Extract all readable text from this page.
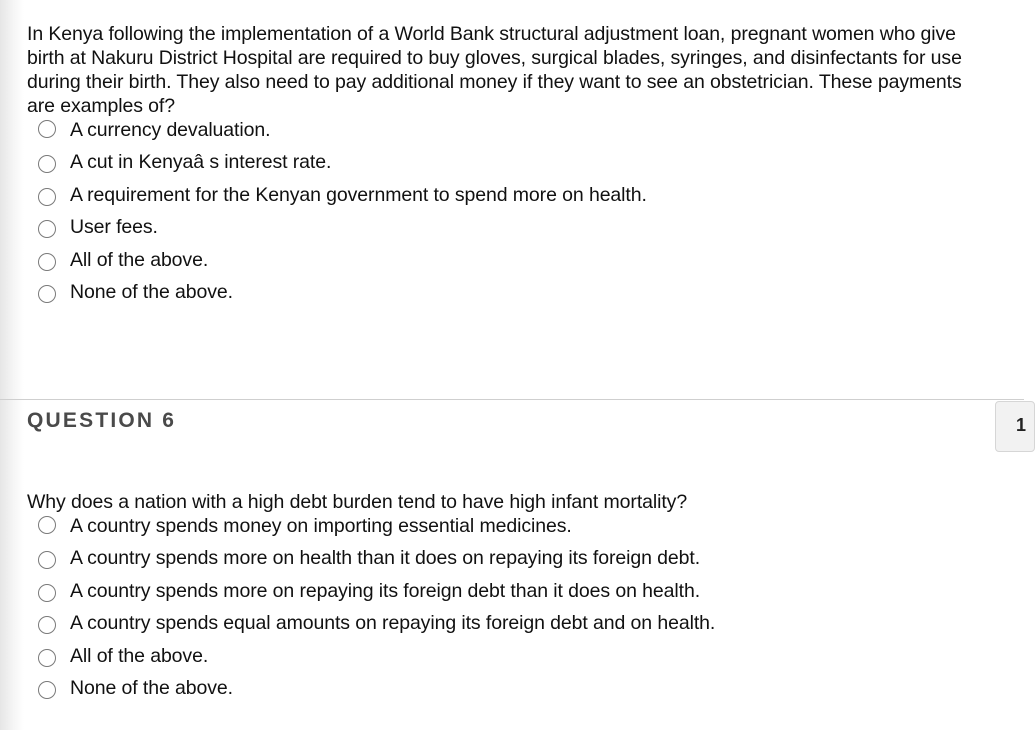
In Kenya following the implementation of a World Bank structural adjustment loan, pregnant women who give birth at Nakuru District Hospital are required to buy gloves, surgical blades, syringes, and disinfectants for use during their birth. They also need to pay additional money if they want to see an obstetrician. These payments are examples of?

A currency devaluation.
A cut in Kenyaâ s interest rate.
A requirement for the Kenyan government to spend more on health.
User fees.
All of the above.
None of the above.
QUESTION 6	1

Why does a nation with a high debt burden tend to have high infant mortality?

A country spends money on importing essential medicines.
A country spends more on health than it does on repaying its foreign debt.
A country spends more on repaying its foreign debt than it does on health.
A country spends equal amounts on repaying its foreign debt and on health.
All of the above.
None of the above.
